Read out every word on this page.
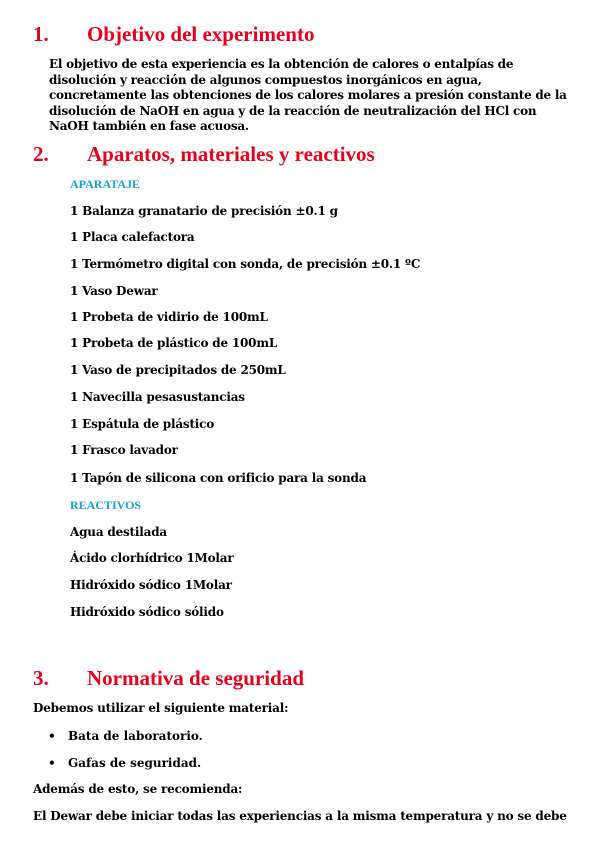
1. Objetivo del experimento

El objetivo de esta experiencia es la obtención de calores o entalpías de disolución y reacción de algunos compuestos inorgánicos en agua, concretamente las obtenciones de los calores molares a presión constante de la disolución de NaOH en agua y de la reacción de neutralización del HCl con NaOH también en fase acuosa.

2. Aparatos, materiales y reactivos

APARATAJE

1 Balanza granatario de precisión ±0.1 g

1 Placa calefactora

1 Termómetro digital con sonda, de precisión ±0.1 ºC

1 Vaso Dewar

1 Probeta de vidirio de 100mL

1 Probeta de plástico de 100mL

1 Vaso de precipitados de 250mL

1 Navecilla pesasustancias

1 Espátula de plástico

1 Frasco lavador

1 Tapón de silicona con orificio para la sonda

REACTIVOS

Agua destilada

Ácido clorhídrico 1Molar

Hidróxido sódico 1Molar

Hidróxido sódico sólido

3. Normativa de seguridad

Debemos utilizar el siguiente material:

• Bata de laboratorio.

• Gafas de seguridad.

Además de esto, se recomienda:

El Dewar debe iniciar todas las experiencias a la misma temperatura y no se debe
